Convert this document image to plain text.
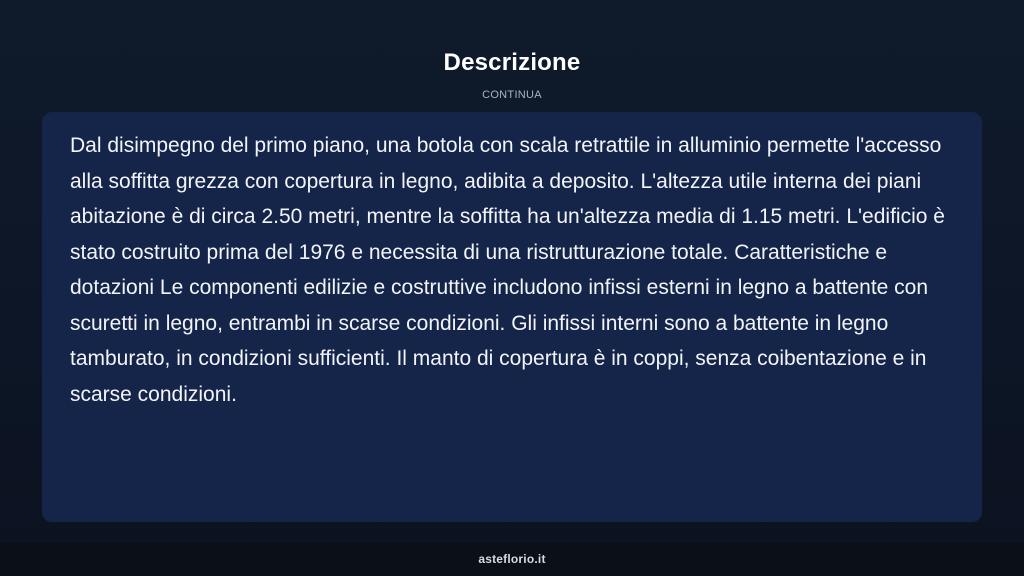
Descrizione
CONTINUA

Dal disimpegno del primo piano, una botola con scala retrattile in alluminio permette l'accesso alla soffitta grezza con copertura in legno, adibita a deposito. L'altezza utile interna dei piani abitazione è di circa 2.50 metri, mentre la soffitta ha un'altezza media di 1.15 metri. L'edificio è stato costruito prima del 1976 e necessita di una ristrutturazione totale. Caratteristiche e dotazioni Le componenti edilizie e costruttive includono infissi esterni in legno a battente con scuretti in legno, entrambi in scarse condizioni. Gli infissi interni sono a battente in legno tamburato, in condizioni sufficienti. Il manto di copertura è in coppi, senza coibentazione e in scarse condizioni.

asteflorio.it
